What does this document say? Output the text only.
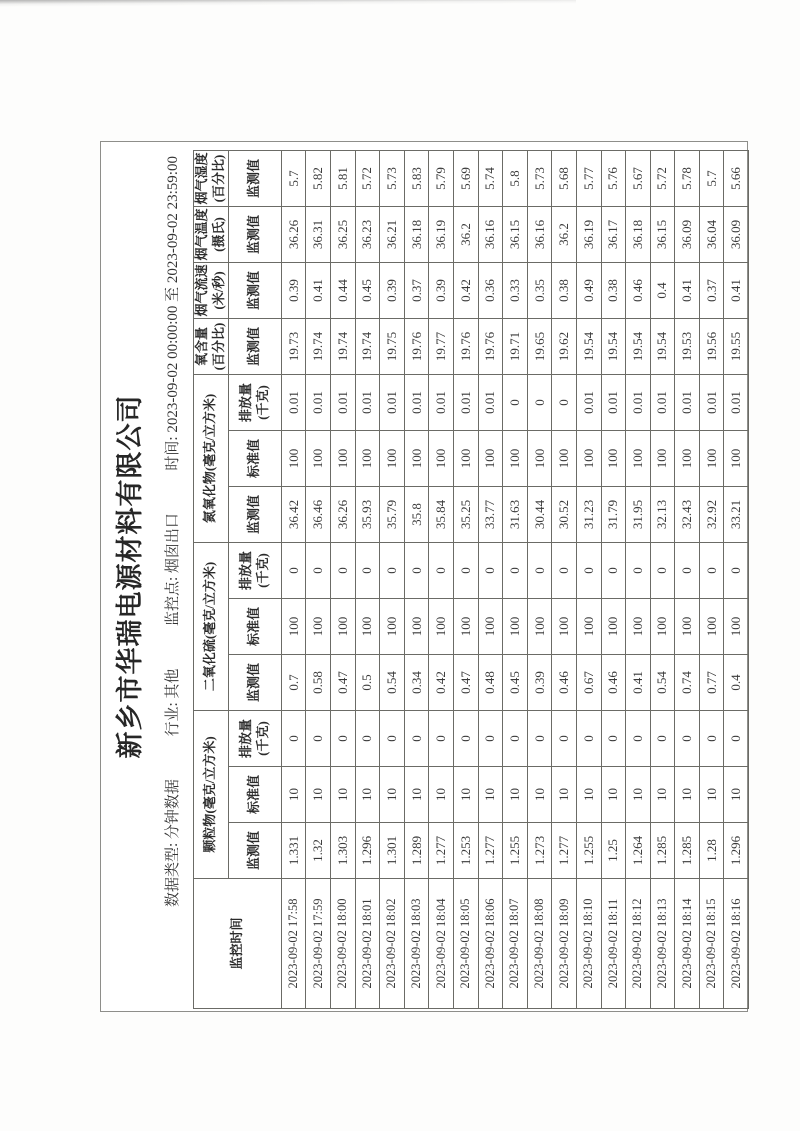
新乡市华瑞电源材料有限公司
数据类型: 分钟数据
行业: 其他
监控点: 烟囱出口
时间: 2023-09-02 00:00:00 至 2023-09-02 23:59:00
监控时间	颗粒物(毫克/立方米)			二氧化硫(毫克/立方米)			氮氧化物(毫克/立方米)			氧含量(百分比)	烟气流速(米/秒)	烟气温度(摄氏)	烟气湿度(百分比)
	监测值	标准值	排放量(千克)	监测值	标准值	排放量(千克)	监测值	标准值	排放量(千克)	监测值	监测值	监测值	监测值
2023-09-02 17:58	1.331	10	0	0.7	100	0	36.42	100	0.01	19.73	0.39	36.26	5.7
2023-09-02 17:59	1.32	10	0	0.58	100	0	36.46	100	0.01	19.74	0.41	36.31	5.82
2023-09-02 18:00	1.303	10	0	0.47	100	0	36.26	100	0.01	19.74	0.44	36.25	5.81
2023-09-02 18:01	1.296	10	0	0.5	100	0	35.93	100	0.01	19.74	0.45	36.23	5.72
2023-09-02 18:02	1.301	10	0	0.54	100	0	35.79	100	0.01	19.75	0.39	36.21	5.73
2023-09-02 18:03	1.289	10	0	0.34	100	0	35.8	100	0.01	19.76	0.37	36.18	5.83
2023-09-02 18:04	1.277	10	0	0.42	100	0	35.84	100	0.01	19.77	0.39	36.19	5.79
2023-09-02 18:05	1.253	10	0	0.47	100	0	35.25	100	0.01	19.76	0.42	36.2	5.69
2023-09-02 18:06	1.277	10	0	0.48	100	0	33.77	100	0.01	19.76	0.36	36.16	5.74
2023-09-02 18:07	1.255	10	0	0.45	100	0	31.63	100	0	19.71	0.33	36.15	5.8
2023-09-02 18:08	1.273	10	0	0.39	100	0	30.44	100	0	19.65	0.35	36.16	5.73
2023-09-02 18:09	1.277	10	0	0.46	100	0	30.52	100	0	19.62	0.38	36.2	5.68
2023-09-02 18:10	1.255	10	0	0.67	100	0	31.23	100	0.01	19.54	0.49	36.19	5.77
2023-09-02 18:11	1.25	10	0	0.46	100	0	31.79	100	0.01	19.54	0.38	36.17	5.76
2023-09-02 18:12	1.264	10	0	0.41	100	0	31.95	100	0.01	19.54	0.46	36.18	5.67
2023-09-02 18:13	1.285	10	0	0.54	100	0	32.13	100	0.01	19.54	0.4	36.15	5.72
2023-09-02 18:14	1.285	10	0	0.74	100	0	32.43	100	0.01	19.53	0.41	36.09	5.78
2023-09-02 18:15	1.28	10	0	0.77	100	0	32.92	100	0.01	19.56	0.37	36.04	5.7
2023-09-02 18:16	1.296	10	0	0.4	100	0	33.21	100	0.01	19.55	0.41	36.09	5.66
